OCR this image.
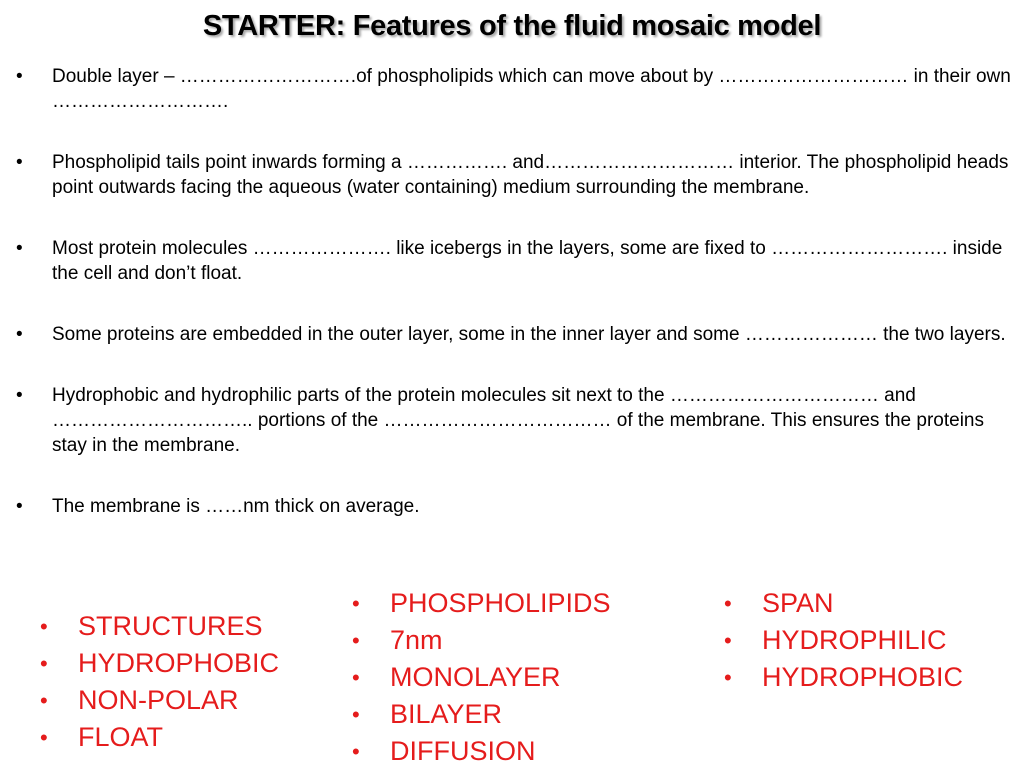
STARTER: Features of the fluid mosaic model
•	Double layer – ……………………….of phospholipids which can move about by ………………………… in their own ……………………….
•	Phospholipid tails point inwards forming a ……………. and………………………… interior. The phospholipid heads point outwards facing the aqueous (water containing) medium surrounding the membrane.
•	Most protein molecules …………………. like icebergs in the layers, some are fixed to ………………………. inside the cell and don’t float.
•	Some proteins are embedded in the outer layer, some in the inner layer and some ………………… the two layers.
•	Hydrophobic and hydrophilic parts of the protein molecules sit next to the …………………………… and ………………………….. portions of the ……………………………… of the membrane. This ensures the proteins stay in the membrane.
•	The membrane is ……nm thick on average.
• STRUCTURES
• HYDROPHOBIC
• NON-POLAR
• FLOAT
• PHOSPHOLIPIDS
• 7nm
• MONOLAYER
• BILAYER
• DIFFUSION
• SPAN
• HYDROPHILIC
• HYDROPHOBIC
